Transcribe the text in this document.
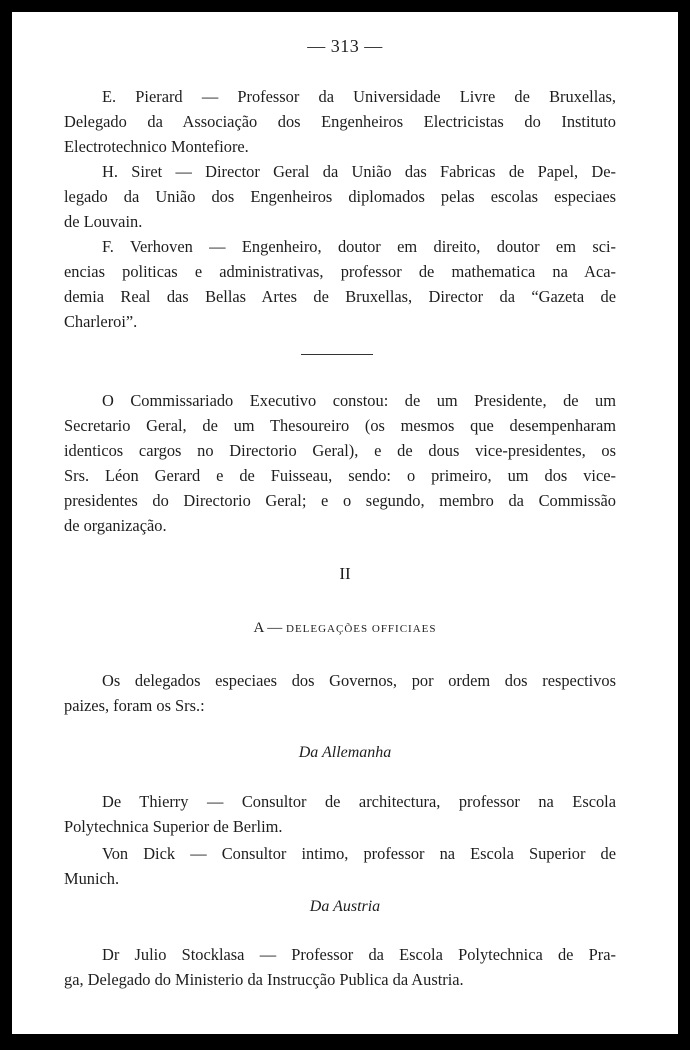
— 313 —

E. Pierard — Professor da Universidade Livre de Bruxellas,

Delegado da Associação dos Engenheiros Electricistas do Instituto

Electrotechnico Montefiore.

H. Siret — Director Geral da União das Fabricas de Papel, De-

legado da União dos Engenheiros diplomados pelas escolas especiaes

de Louvain.

F. Verhoven — Engenheiro, doutor em direito, doutor em sci-

encias politicas e administrativas, professor de mathematica na Aca-

demia Real das Bellas Artes de Bruxellas, Director da “Gazeta de

Charleroi”.

O Commissariado Executivo constou: de um Presidente, de um

Secretario Geral, de um Thesoureiro (os mesmos que desempenharam

identicos cargos no Directorio Geral), e de dous vice-presidentes, os

Srs. Léon Gerard e de Fuisseau, sendo: o primeiro, um dos vice-

presidentes do Directorio Geral; e o segundo, membro da Commissão

de organização.

II
A — DELEGAÇÕES OFFICIAES

Os delegados especiaes dos Governos, por ordem dos respectivos

paizes, foram os Srs.:

Da Allemanha

De Thierry — Consultor de architectura, professor na Escola

Polytechnica Superior de Berlim.

Von Dick — Consultor intimo, professor na Escola Superior de

Munich.

Da Austria

Dr Julio Stocklasa — Professor da Escola Polytechnica de Pra-

ga, Delegado do Ministerio da Instrucção Publica da Austria.
